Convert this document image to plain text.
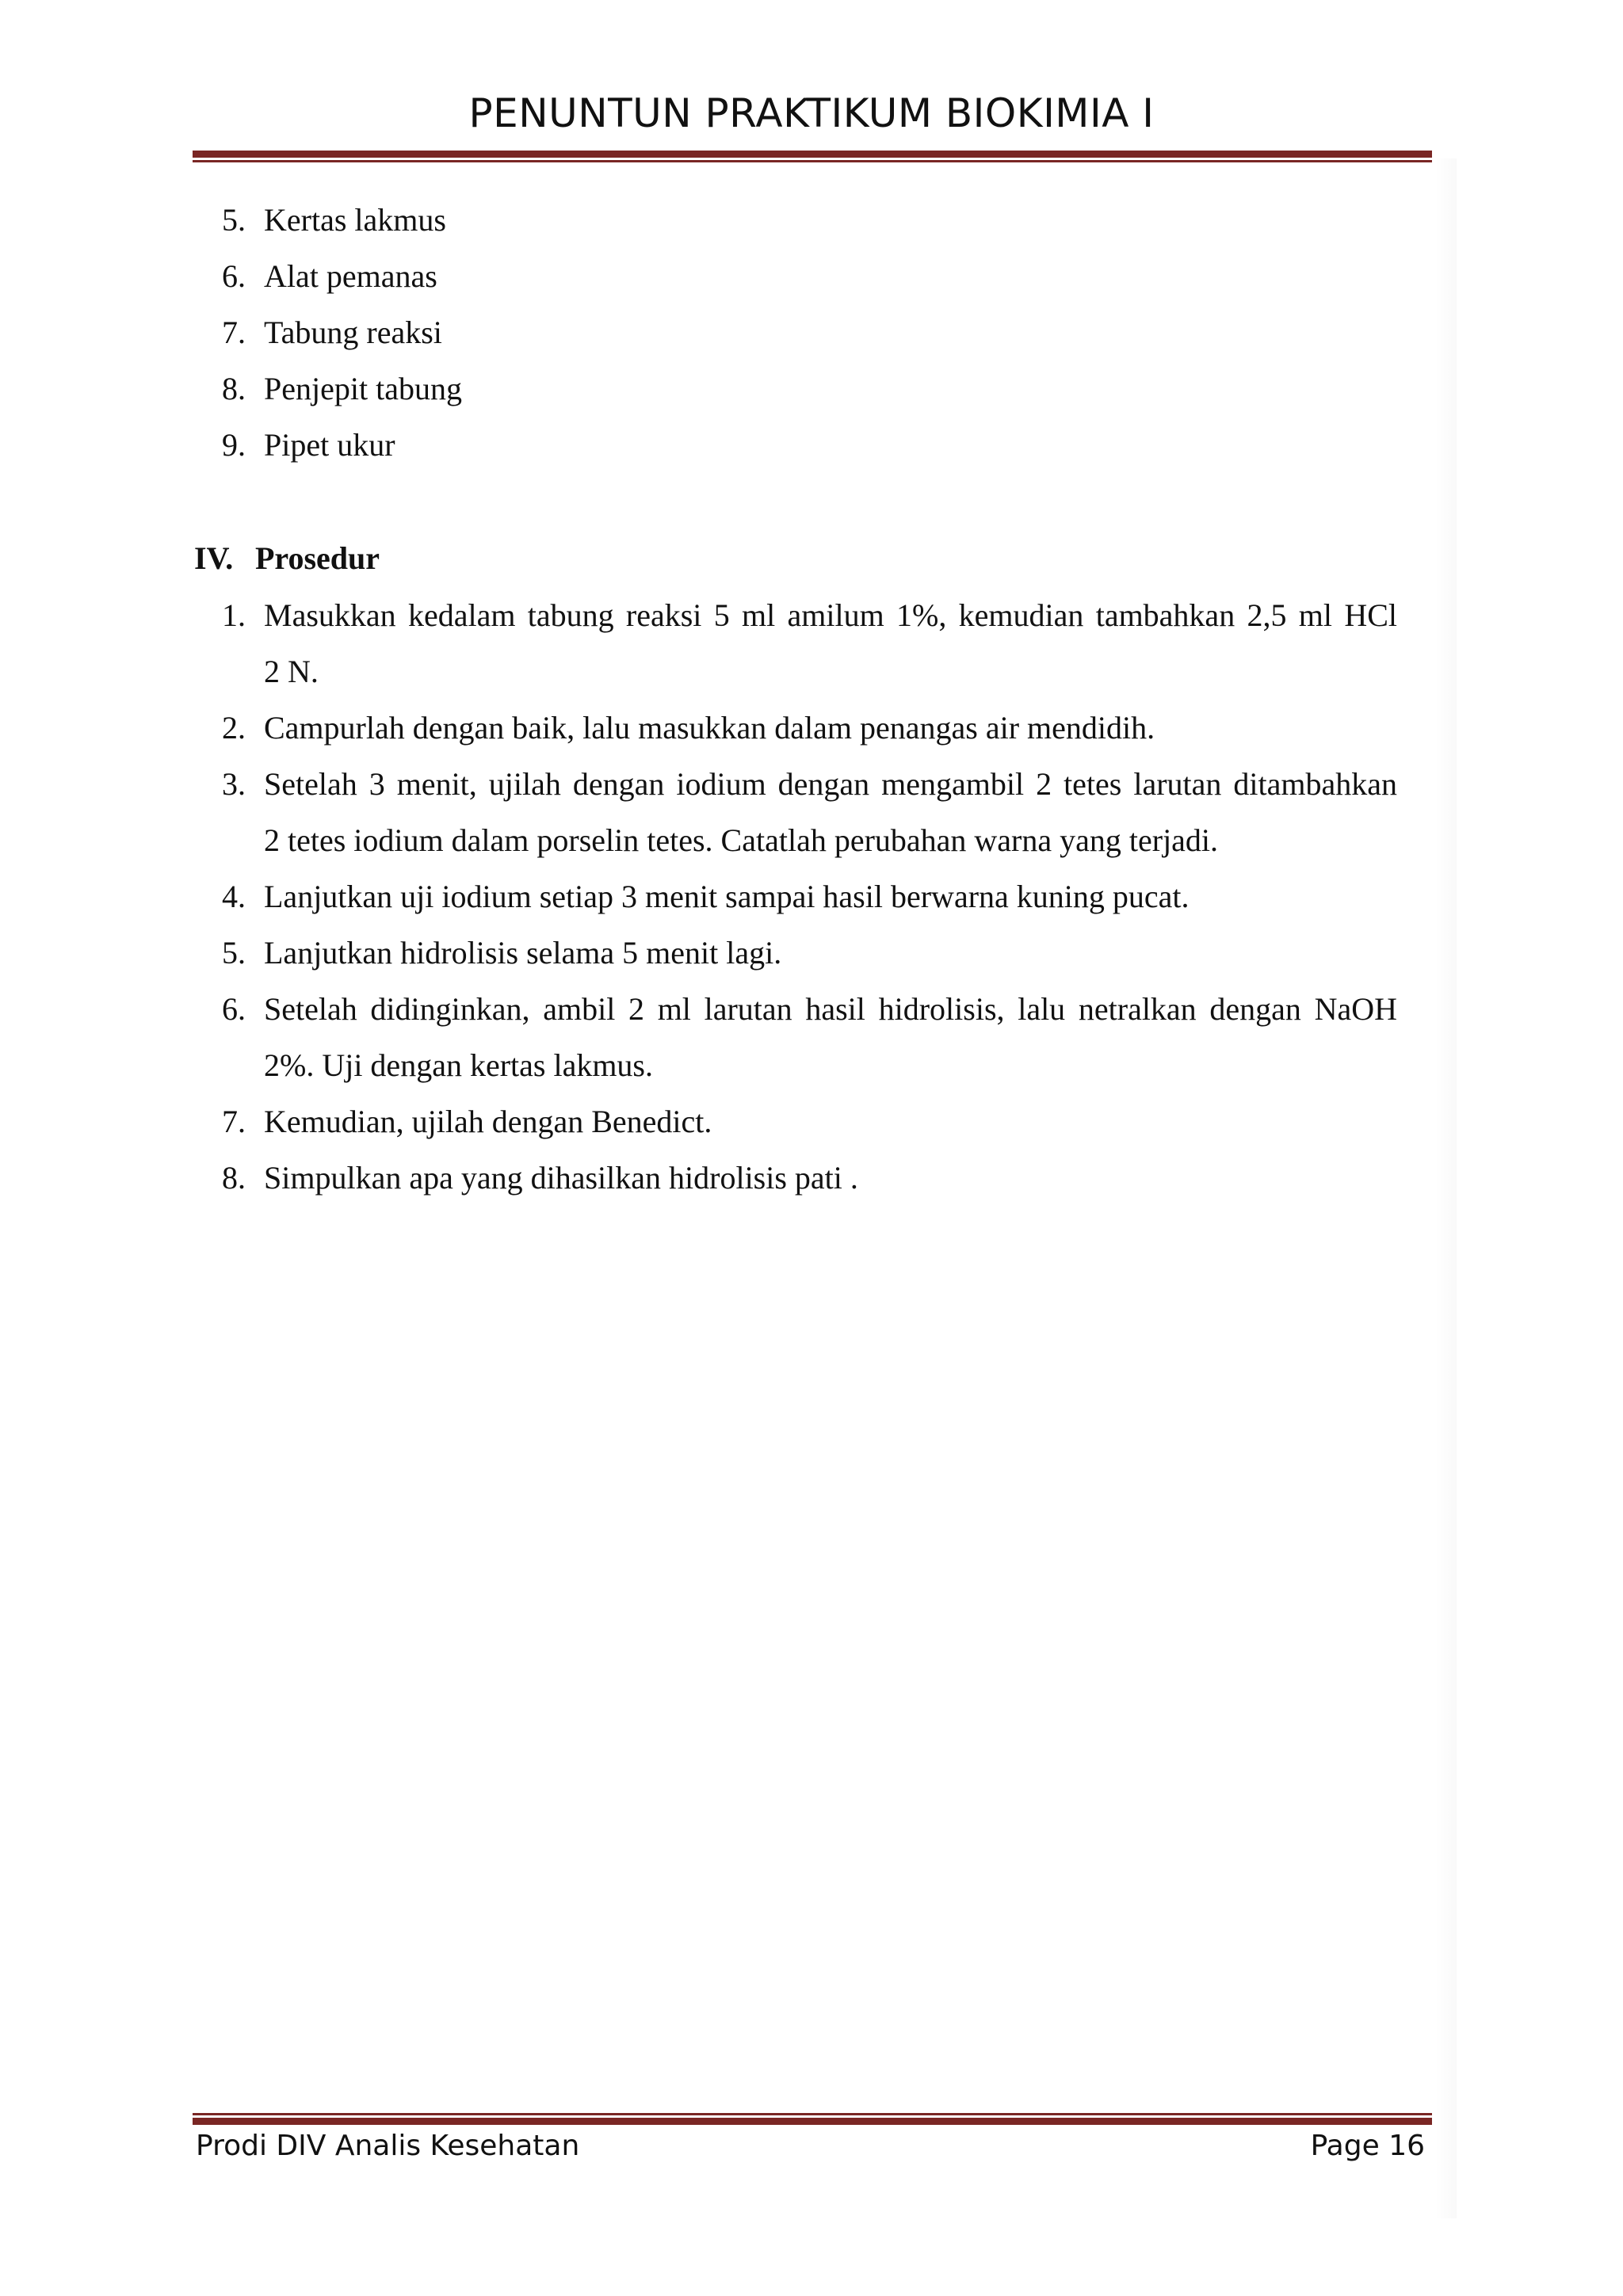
PENUNTUN PRAKTIKUM BIOKIMIA I
5. Kertas lakmus
6. Alat pemanas
7. Tabung reaksi
8. Penjepit tabung
9. Pipet ukur
IV. Prosedur
1. Masukkan kedalam tabung reaksi 5 ml amilum 1%, kemudian tambahkan 2,5 ml HCl
2 N.
2. Campurlah dengan baik, lalu masukkan dalam penangas air mendidih.
3. Setelah 3 menit, ujilah dengan iodium dengan mengambil 2 tetes larutan ditambahkan
2 tetes iodium dalam porselin tetes. Catatlah perubahan warna yang terjadi.
4. Lanjutkan uji iodium setiap 3 menit sampai hasil berwarna kuning pucat.
5. Lanjutkan hidrolisis selama 5 menit lagi.
6. Setelah didinginkan, ambil 2 ml larutan hasil hidrolisis, lalu netralkan dengan NaOH
2%. Uji dengan kertas lakmus.
7. Kemudian, ujilah dengan Benedict.
8. Simpulkan apa yang dihasilkan hidrolisis pati .
Prodi DIV Analis Kesehatan	Page 16
